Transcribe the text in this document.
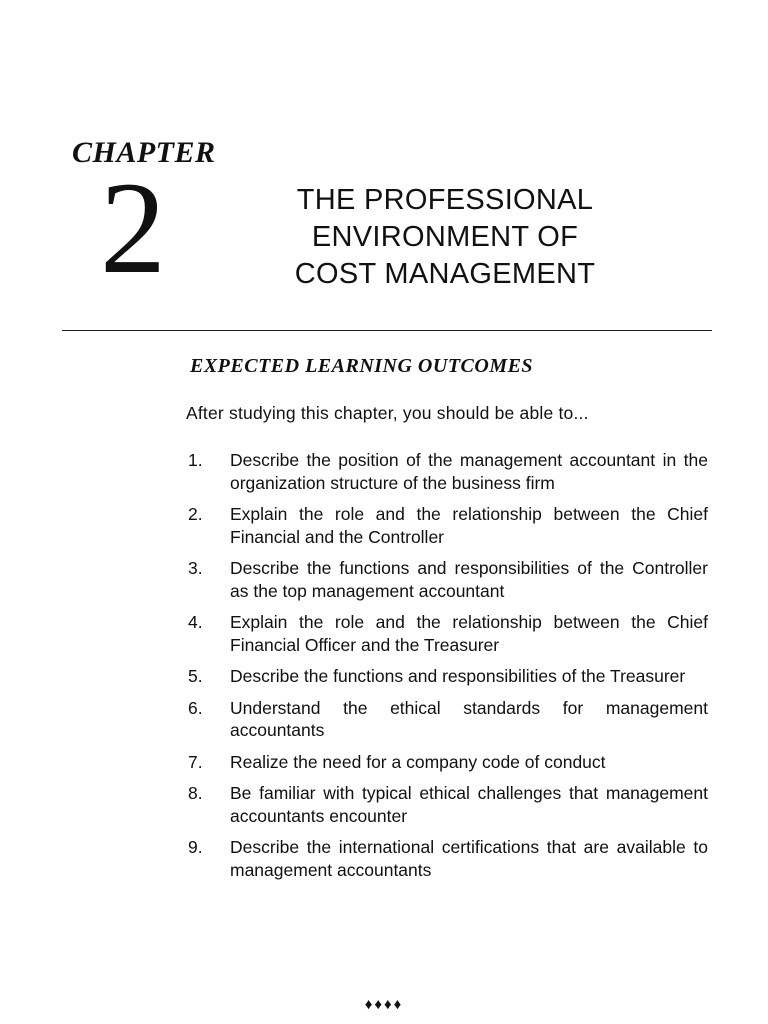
CHAPTER
2	THE PROFESSIONAL
ENVIRONMENT OF
COST MANAGEMENT
EXPECTED LEARNING OUTCOMES
After studying this chapter, you should be able to...
1.	Describe the position of the management accountant in the organization structure of the business firm
2.	Explain the role and the relationship between the Chief Financial and the Controller
3.	Describe the functions and responsibilities of the Controller as the top management accountant
4.	Explain the role and the relationship between the Chief Financial Officer and the Treasurer
5.	Describe the functions and responsibilities of the Treasurer
6.	Understand the ethical standards for management accountants
7.	Realize the need for a company code of conduct
8.	Be familiar with typical ethical challenges that management accountants encounter
9.	Describe the international certifications that are available to management accountants
♦♦♦♦
